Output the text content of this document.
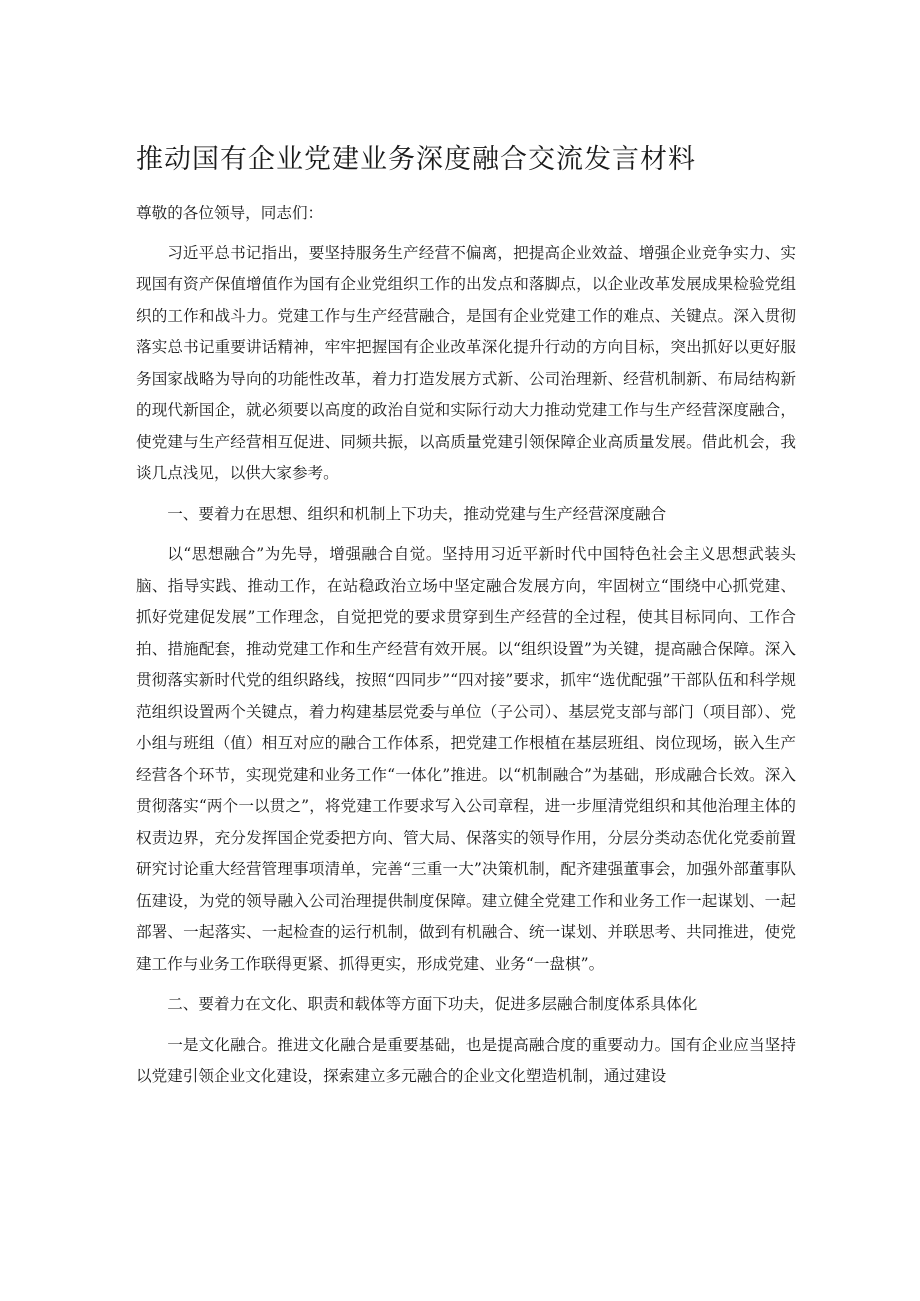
推动国有企业党建业务深度融合交流发言材料

尊敬的各位领导，同志们：

习近平总书记指出，要坚持服务生产经营不偏离，把提高企业效益、增强企业竞争实力、实现国有资产保值增值作为国有企业党组织工作的出发点和落脚点，以企业改革发展成果检验党组织的工作和战斗力。党建工作与生产经营融合，是国有企业党建工作的难点、关键点。深入贯彻落实总书记重要讲话精神，牢牢把握国有企业改革深化提升行动的方向目标，突出抓好以更好服务国家战略为导向的功能性改革，着力打造发展方式新、公司治理新、经营机制新、布局结构新的现代新国企，就必须要以高度的政治自觉和实际行动大力推动党建工作与生产经营深度融合，使党建与生产经营相互促进、同频共振，以高质量党建引领保障企业高质量发展。借此机会，我谈几点浅见，以供大家参考。

一、要着力在思想、组织和机制上下功夫，推动党建与生产经营深度融合

以“思想融合”为先导，增强融合自觉。坚持用习近平新时代中国特色社会主义思想武装头脑、指导实践、推动工作，在站稳政治立场中坚定融合发展方向，牢固树立“围绕中心抓党建、抓好党建促发展”工作理念，自觉把党的要求贯穿到生产经营的全过程，使其目标同向、工作合拍、措施配套，推动党建工作和生产经营有效开展。以“组织设置”为关键，提高融合保障。深入贯彻落实新时代党的组织路线，按照“四同步”“四对接”要求，抓牢“选优配强”干部队伍和科学规范组织设置两个关键点，着力构建基层党委与单位（子公司）、基层党支部与部门（项目部）、党小组与班组（值）相互对应的融合工作体系，把党建工作根植在基层班组、岗位现场，嵌入生产经营各个环节，实现党建和业务工作“一体化”推进。以“机制融合”为基础，形成融合长效。深入贯彻落实“两个一以贯之”，将党建工作要求写入公司章程，进一步厘清党组织和其他治理主体的权责边界，充分发挥国企党委把方向、管大局、保落实的领导作用，分层分类动态优化党委前置研究讨论重大经营管理事项清单，完善“三重一大”决策机制，配齐建强董事会，加强外部董事队伍建设，为党的领导融入公司治理提供制度保障。建立健全党建工作和业务工作一起谋划、一起部署、一起落实、一起检查的运行机制，做到有机融合、统一谋划、并联思考、共同推进，使党建工作与业务工作联得更紧、抓得更实，形成党建、业务“一盘棋”。

二、要着力在文化、职责和载体等方面下功夫，促进多层融合制度体系具体化

一是文化融合。推进文化融合是重要基础，也是提高融合度的重要动力。国有企业应当坚持以党建引领企业文化建设，探索建立多元融合的企业文化塑造机制，通过建设
